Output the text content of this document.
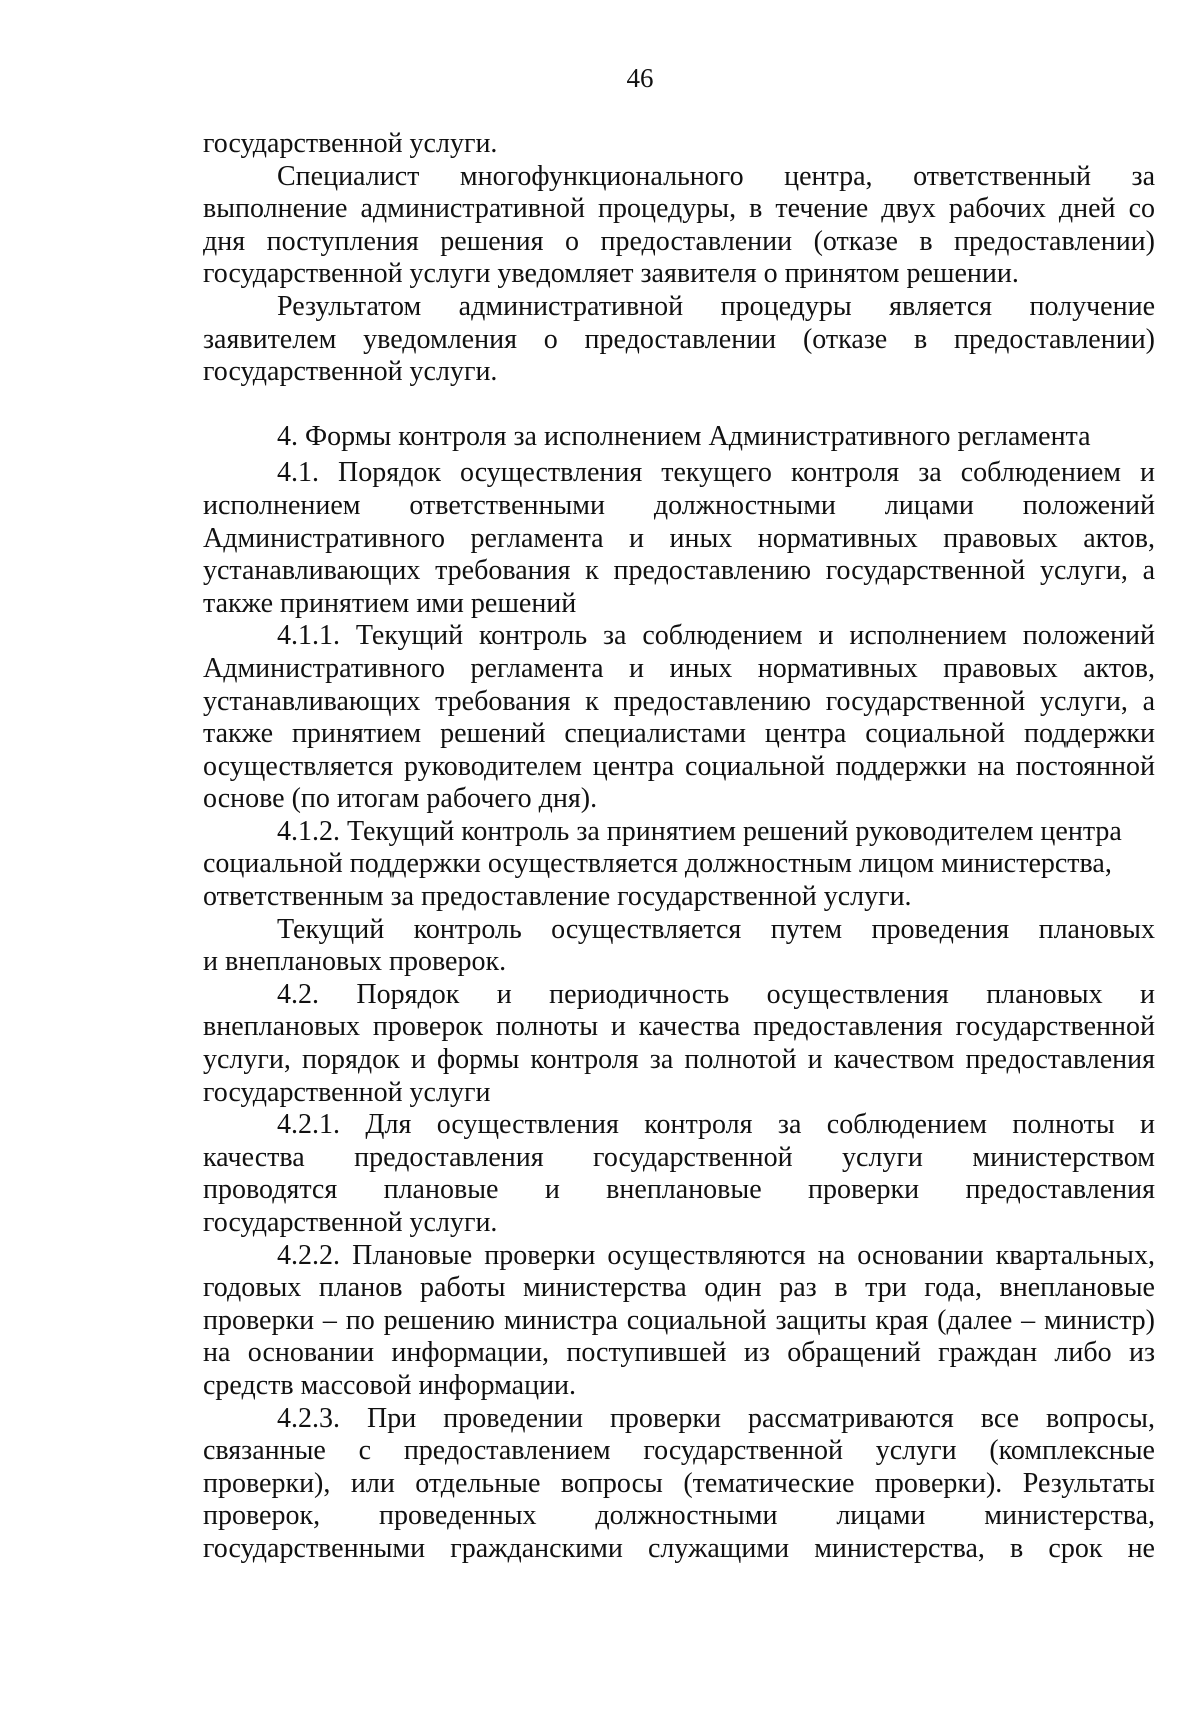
46
государственной услуги.
Специалист многофункционального центра, ответственный за
выполнение административной процедуры, в течение двух рабочих дней со
дня поступления решения о предоставлении (отказе в предоставлении)
государственной услуги уведомляет заявителя о принятом решении.
Результатом административной процедуры является получение
заявителем уведомления о предоставлении (отказе в предоставлении)
государственной услуги.
4. Формы контроля за исполнением Административного регламента
4.1. Порядок осуществления текущего контроля за соблюдением и
исполнением ответственными должностными лицами положений
Административного регламента и иных нормативных правовых актов,
устанавливающих требования к предоставлению государственной услуги, а
также принятием ими решений
4.1.1. Текущий контроль за соблюдением и исполнением положений
Административного регламента и иных нормативных правовых актов,
устанавливающих требования к предоставлению государственной услуги, а
также принятием решений специалистами центра социальной поддержки
осуществляется руководителем центра социальной поддержки на постоянной
основе (по итогам рабочего дня).
4.1.2. Текущий контроль за принятием решений руководителем центра
социальной поддержки осуществляется должностным лицом министерства,
ответственным за предоставление государственной услуги.
Текущий контроль осуществляется путем проведения плановых
и внеплановых проверок.
4.2. Порядок и периодичность осуществления плановых и
внеплановых проверок полноты и качества предоставления государственной
услуги, порядок и формы контроля за полнотой и качеством предоставления
государственной услуги
4.2.1. Для осуществления контроля за соблюдением полноты и
качества предоставления государственной услуги министерством
проводятся плановые и внеплановые проверки предоставления
государственной услуги.
4.2.2. Плановые проверки осуществляются на основании квартальных,
годовых планов работы министерства один раз в три года, внеплановые
проверки – по решению министра социальной защиты края (далее – министр)
на основании информации, поступившей из обращений граждан либо из
средств массовой информации.
4.2.3. При проведении проверки рассматриваются все вопросы,
связанные с предоставлением государственной услуги (комплексные
проверки), или отдельные вопросы (тематические проверки). Результаты
проверок, проведенных должностными лицами министерства,
государственными гражданскими служащими министерства, в срок не
